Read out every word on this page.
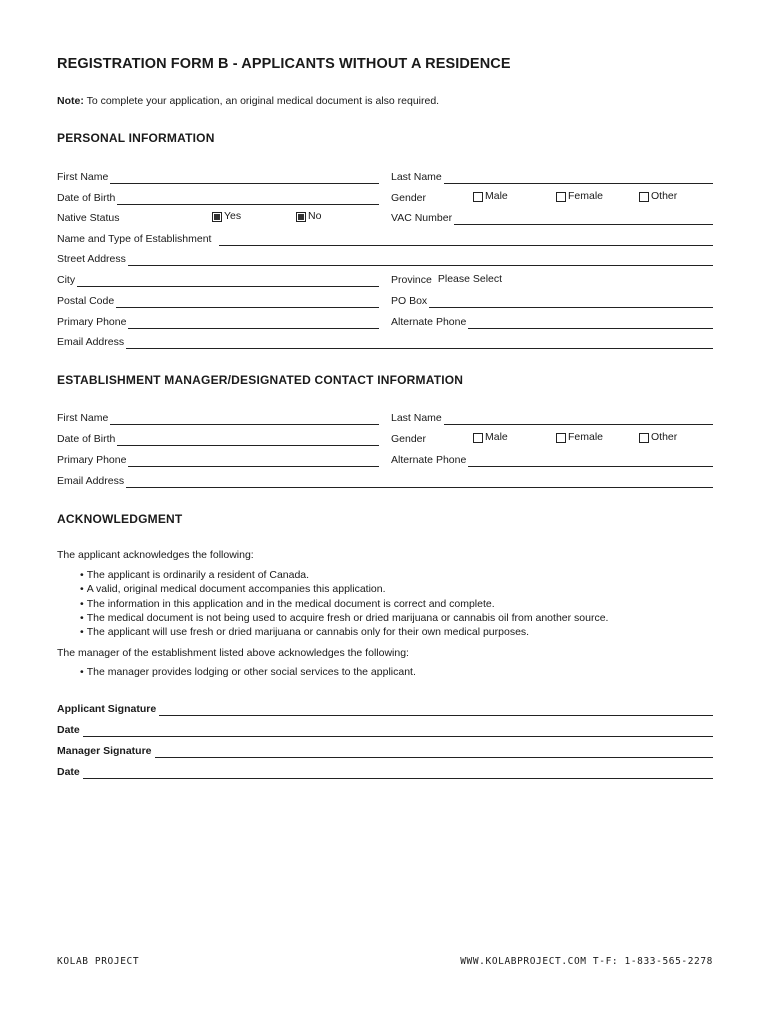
REGISTRATION FORM B - APPLICANTS WITHOUT A RESIDENCE
Note: To complete your application, an original medical document is also required.
PERSONAL INFORMATION
First Name	Last Name
Date of Birth	Gender	Male	Female	Other
Native Status	Yes	No	VAC Number
Name and Type of Establishment
Street Address
City	Province Please Select
Postal Code	PO Box
Primary Phone	Alternate Phone
Email Address
ESTABLISHMENT MANAGER/DESIGNATED CONTACT INFORMATION
First Name	Last Name
Date of Birth	Gender	Male	Female	Other
Primary Phone	Alternate Phone
Email Address
ACKNOWLEDGMENT
The applicant acknowledges the following:
• The applicant is ordinarily a resident of Canada.
• A valid, original medical document accompanies this application.
• The information in this application and in the medical document is correct and complete.
• The medical document is not being used to acquire fresh or dried marijuana or cannabis oil from another source.
• The applicant will use fresh or dried marijuana or cannabis only for their own medical purposes.
The manager of the establishment listed above acknowledges the following:
• The manager provides lodging or other social services to the applicant.
Applicant Signature
Date
Manager Signature
Date
KOLAB PROJECT	WWW.KOLABPROJECT.COM T-F: 1-833-565-2278
